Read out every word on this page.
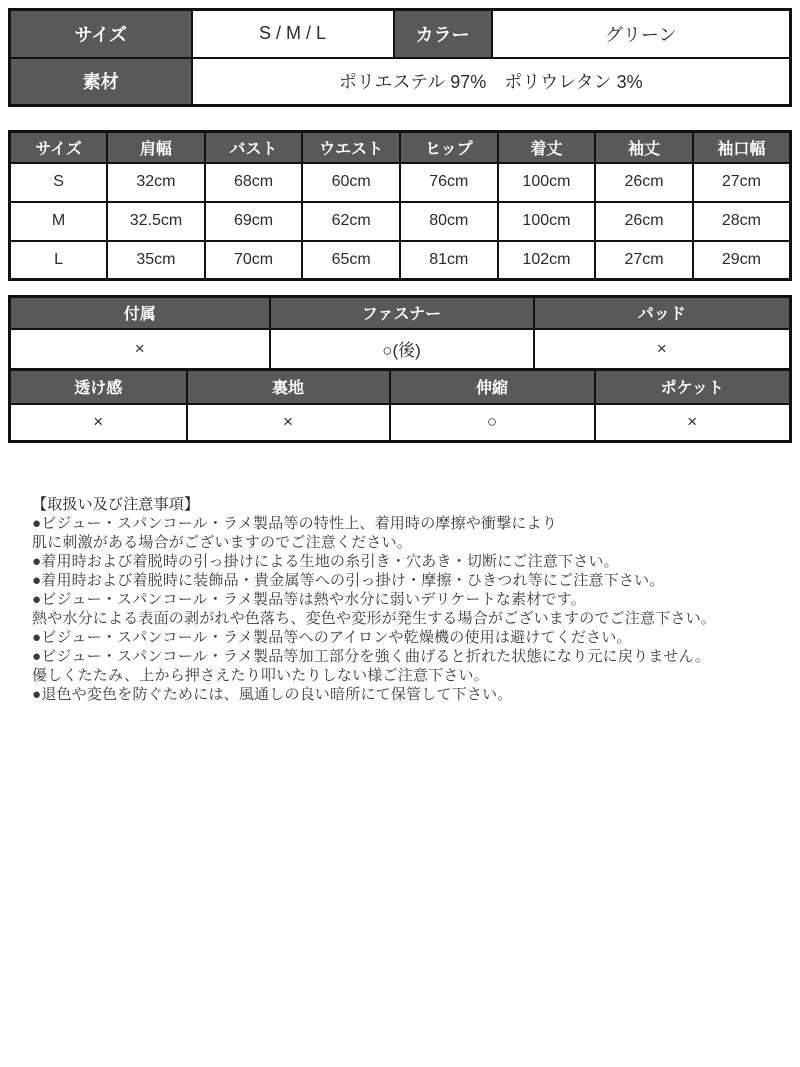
サイズ	S / M / L	カラー	グリーン
素材	ポリエステル 97%　ポリウレタン 3%		
サイズ	肩幅	バスト	ウエスト	ヒップ	着丈	袖丈	袖口幅
S	32cm	68cm	60cm	76cm	100cm	26cm	27cm
M	32.5cm	69cm	62cm	80cm	100cm	26cm	28cm
L	35cm	70cm	65cm	81cm	102cm	27cm	29cm
付属	ファスナー	パッド
×	○(後)	×
透け感	裏地	伸縮	ポケット
×	×	○	×
【取扱い及び注意事項】
●ビジュー・スパンコール・ラメ製品等の特性上、着用時の摩擦や衝撃により
肌に刺激がある場合がございますのでご注意ください。
●着用時および着脱時の引っ掛けによる生地の糸引き・穴あき・切断にご注意下さい。
●着用時および着脱時に装飾品・貴金属等への引っ掛け・摩擦・ひきつれ等にご注意下さい。
●ビジュー・スパンコール・ラメ製品等は熱や水分に弱いデリケートな素材です。
熱や水分による表面の剥がれや色落ち、変色や変形が発生する場合がございますのでご注意下さい。
●ビジュー・スパンコール・ラメ製品等へのアイロンや乾燥機の使用は避けてください。
●ビジュー・スパンコール・ラメ製品等加工部分を強く曲げると折れた状態になり元に戻りません。
優しくたたみ、上から押さえたり叩いたりしない様ご注意下さい。
●退色や変色を防ぐためには、風通しの良い暗所にて保管して下さい。
